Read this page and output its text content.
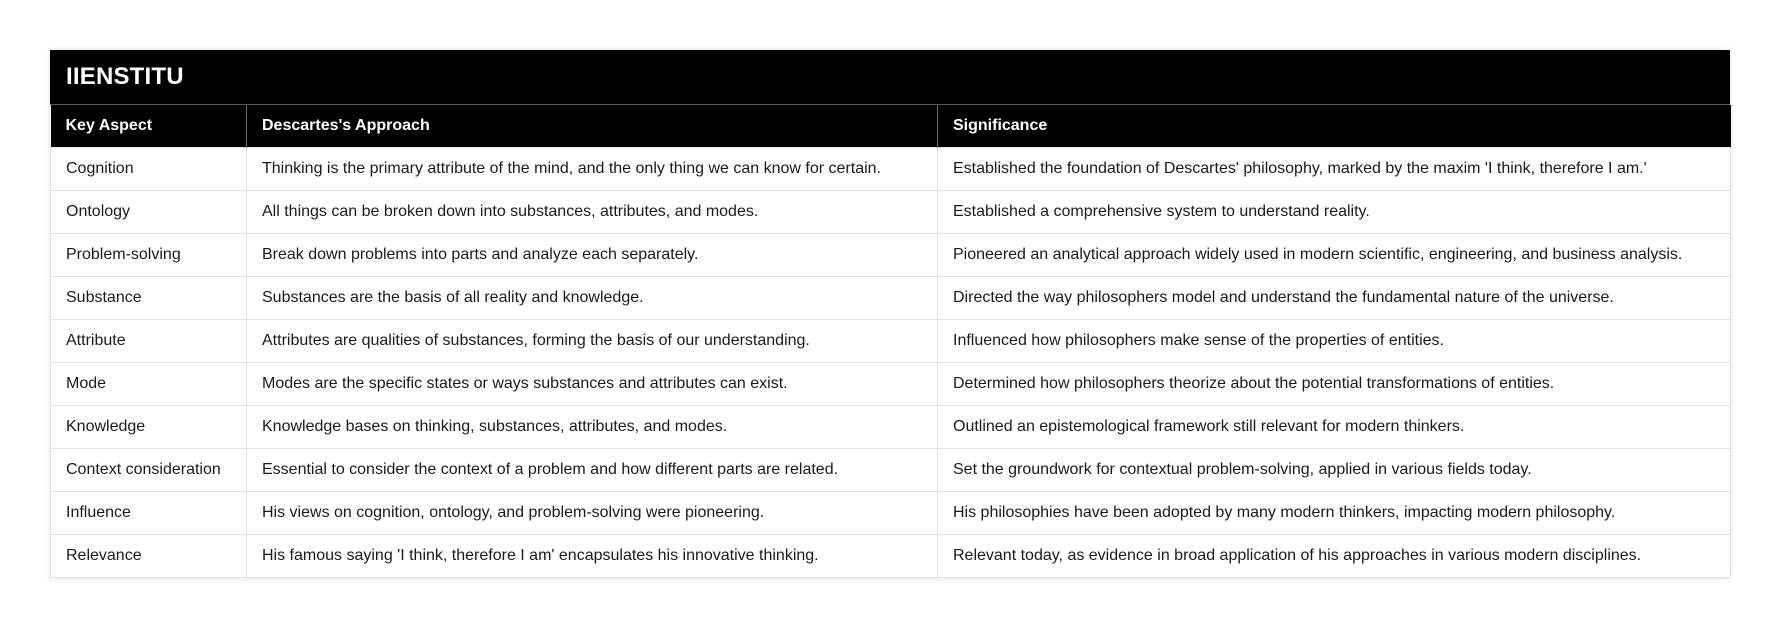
IIENSTITU
Key Aspect	Descartes's Approach	Significance
Cognition	Thinking is the primary attribute of the mind, and the only thing we can know for certain.	Established the foundation of Descartes' philosophy, marked by the maxim 'I think, therefore I am.'
Ontology	All things can be broken down into substances, attributes, and modes.	Established a comprehensive system to understand reality.
Problem-solving	Break down problems into parts and analyze each separately.	Pioneered an analytical approach widely used in modern scientific, engineering, and business analysis.
Substance	Substances are the basis of all reality and knowledge.	Directed the way philosophers model and understand the fundamental nature of the universe.
Attribute	Attributes are qualities of substances, forming the basis of our understanding.	Influenced how philosophers make sense of the properties of entities.
Mode	Modes are the specific states or ways substances and attributes can exist.	Determined how philosophers theorize about the potential transformations of entities.
Knowledge	Knowledge bases on thinking, substances, attributes, and modes.	Outlined an epistemological framework still relevant for modern thinkers.
Context consideration	Essential to consider the context of a problem and how different parts are related.	Set the groundwork for contextual problem-solving, applied in various fields today.
Influence	His views on cognition, ontology, and problem-solving were pioneering.	His philosophies have been adopted by many modern thinkers, impacting modern philosophy.
Relevance	His famous saying 'I think, therefore I am' encapsulates his innovative thinking.	Relevant today, as evidence in broad application of his approaches in various modern disciplines.
